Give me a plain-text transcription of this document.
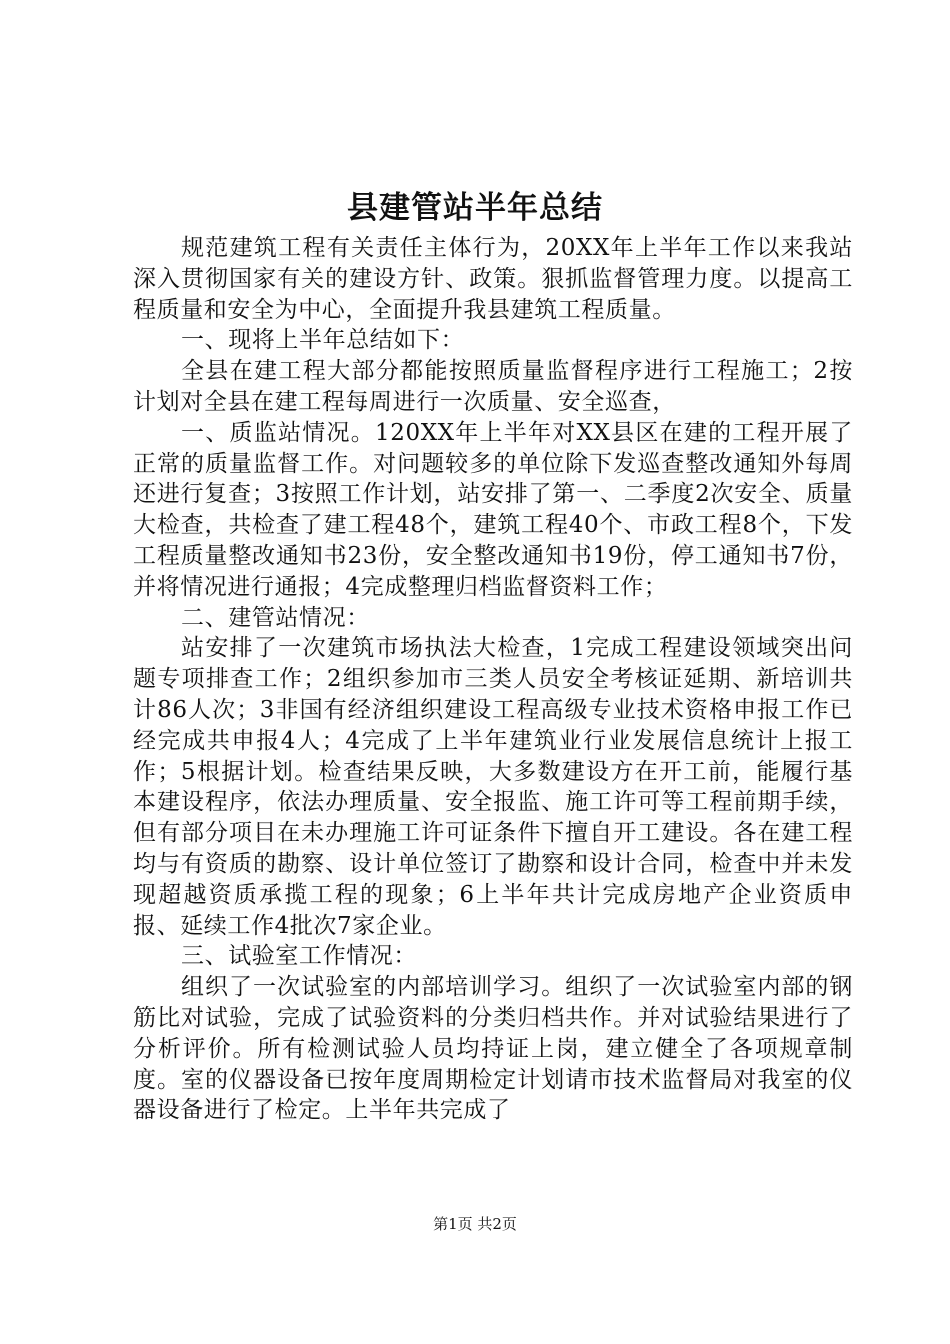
县建管站半年总结

规范建筑工程有关责任主体行为，20XX年上半年工作以来我站深入贯彻国家有关的建设方针、政策。狠抓监督管理力度。以提高工程质量和安全为中心，全面提升我县建筑工程质量。

一、现将上半年总结如下：

全县在建工程大部分都能按照质量监督程序进行工程施工；2按计划对全县在建工程每周进行一次质量、安全巡查，

一、质监站情况。120XX年上半年对XX县区在建的工程开展了正常的质量监督工作。对问题较多的单位除下发巡查整改通知外每周还进行复查；3按照工作计划，站安排了第一、二季度2次安全、质量大检查，共检查了建工程48个，建筑工程40个、市政工程8个，下发工程质量整改通知书23份，安全整改通知书19份，停工通知书7份，并将情况进行通报；4完成整理归档监督资料工作；

二、建管站情况：

站安排了一次建筑市场执法大检查，1完成工程建设领域突出问题专项排查工作；2组织参加市三类人员安全考核证延期、新培训共计86人次；3非国有经济组织建设工程高级专业技术资格申报工作已经完成共申报4人；4完成了上半年建筑业行业发展信息统计上报工作；5根据计划。检查结果反映，大多数建设方在开工前，能履行基本建设程序，依法办理质量、安全报监、施工许可等工程前期手续，但有部分项目在未办理施工许可证条件下擅自开工建设。各在建工程均与有资质的勘察、设计单位签订了勘察和设计合同，检查中并未发现超越资质承揽工程的现象；6上半年共计完成房地产企业资质申报、延续工作4批次7家企业。

三、试验室工作情况：

组织了一次试验室的内部培训学习。组织了一次试验室内部的钢筋比对试验，完成了试验资料的分类归档共作。并对试验结果进行了分析评价。所有检测试验人员均持证上岗，建立健全了各项规章制度。室的仪器设备已按年度周期检定计划请市技术监督局对我室的仪器设备进行了检定。上半年共完成了

第1页 共2页
